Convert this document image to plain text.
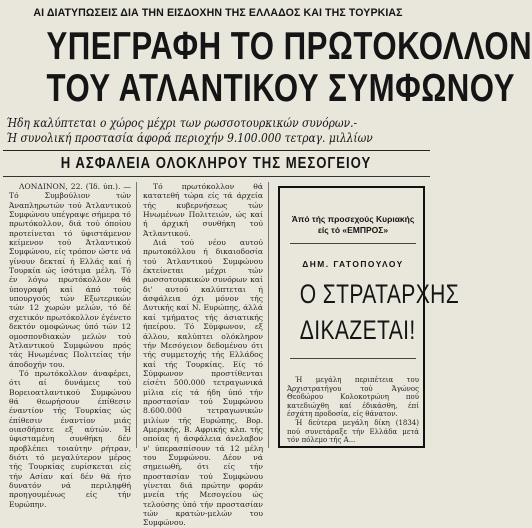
ΑΙ ΔΙΑΤΥΠΩΣΕΙΣ ΔΙΑ ΤΗΝ ΕΙΣΔΟΧΗΝ ΤΗΣ ΕΛΛΑΔΟΣ ΚΑΙ ΤΗΣ ΤΟΥΡΚΙΑΣ
ΥΠΕΓΡΑΦΗ ΤΟ ΠΡΩΤΟΚΟΛΛΟΝ
ΤΟΥ ΑΤΛΑΝΤΙΚΟΥ ΣΥΜΦΩΝΟΥ
Ήδη καλύπτεται ο χώρος μέχρι των ρωσσοτουρκικών συνόρων.-
Ή συνολική προστασία άφορά περιοχήν 9.100.000 τετραγ. μιλλίων
Η ΑΣΦΑΛΕΙΑ ΟΛΟΚΛΗΡΟΥ ΤΗΣ ΜΕΣΟΓΕΙΟΥ

ΛΟΝΔΙΝΟΝ, 22. (Ίδ. ύπ.). — Τό Συμβούλιον τών Άναπληρωτών τού Άτλαντικού Συμφώνου υπέγραψε σήμερα τό πρωτόκολλον, διά τού όποίου προτείνεται τό ύφιστάμενον κείμενον τού Άτλαντικού Συμφώνου, είς τρόπον ώστε νά γίνουν δεκταί ή Ελλάς καί ή Τουρκία ώς ίσότιμα μέλη. Τό έν λόγω πρωτόκολλον θά ύπογραφή καί άπό τούς υπουργούς τών Εξωτερικών τών 12 χωρών μελών, τό δέ σχετικόν πρωτόκολλον έγένετο δεκτόν ομοφώνως ύπό τών 12 ομοσπονδιακών μελών τού Άτλαντικού Συμφώνου πρός τάς Ηνωμένας Πολιτείας τήν άποδοχήν του.

Τό πρωτόκολλον άναφέρει, ότι αί δυνάμεις τού Βορειοατλαντικού Συμφώνου θά θεωρήσουν έπίθεσιν έναντίον τής Τουρκίας ώς έπίθεσιν έναντίον μιάς οιασδήποτε εξ αύτών. Ή ύφισταμένη συνθήκη δέν προβλέπει τοιαύτην ρήτραν, διότι τό μεγαλύτερον μέρος τής Τουρκίας ευρίσκεται είς τήν Ασίαν καί δέν θά ήτο δυνατόν νά περιληφθή προηγουμένως είς τήν Ευρώπην.

Τό πρωτόκολλον θά κατατεθή τώρα είς τά άρχεία τής κυβερνήσεως τών Ηνωμένων Πολιτειών, ώς καί ή άρχική συνθήκη τού Άτλαντικού.

Διά τού νέου αυτού πρωτοκόλλου ή δικαιοδοσία τού Άτλαντικού Συμφώνου έκτείνεται μέχρι τών ρωσσοτουρκικών συνόρων καί δι' αυτού καλύπτεται ή άσφάλεια όχι μόνον τής Δυτικής καί Ν. Ευρώπης, άλλά καί τμήματος τής άσιατικής ήπείρου. Τό Σύμφωνον, εξ άλλου, καλύπτει ολόκληρον τήν Μεσόγειον δεδομένου ότι τής συμμετοχής τής Ελλάδος καί τής Τουρκίας. Είς τό Σύμφωνον προστίθενται είσέτι 500.000 τετραγωνικά μίλια είς τά ήδη ύπό τήν προστασίαν τού Συμφώνου 8.600.000 τετραγωνικών μιλίων τής Ευρώπης, Βορ. Αμερικής, Β. Αφρικής κλπ. τής οποίας ή άσφάλεια άνελαβον ν' ύπερασπίσουν τά 12 μέλη του Συμφώνου. Δέον νά σημειωθή, ότι είς τήν προστασίαν τού Συμφώνου γίνεται διά πρώτην φοράν μνεία τής Μεσογείου ώς τελούσης ύπό τήν προστασίαν τών κρατών-μελών του Συμφώνου.

Άπό τής προσεχούς Κυριακής είς τό «ΕΜΠΡΟΣ»
ΔΗΜ. ΓΑΤΟΠΟΥΛΟΥ
Ο ΣΤΡΑΤΑΡΧΗΣ
ΔΙΚΑΖΕΤΑΙ!

Ή μεγάλη περιπέτεια του Άρχιστρατήγου τού Άγώνος Θεοδώρου Κολοκοτρώνη πού κατεδιώχθη καί έδικάσθη, έπί έσχάτη προδοσία, είς θάνατον.

Ή δεύτερα μεγάλη δίκη (1834) πού συνετάραξε τήν Ελλάδα μετά τόν πόλεμο τής Α...
